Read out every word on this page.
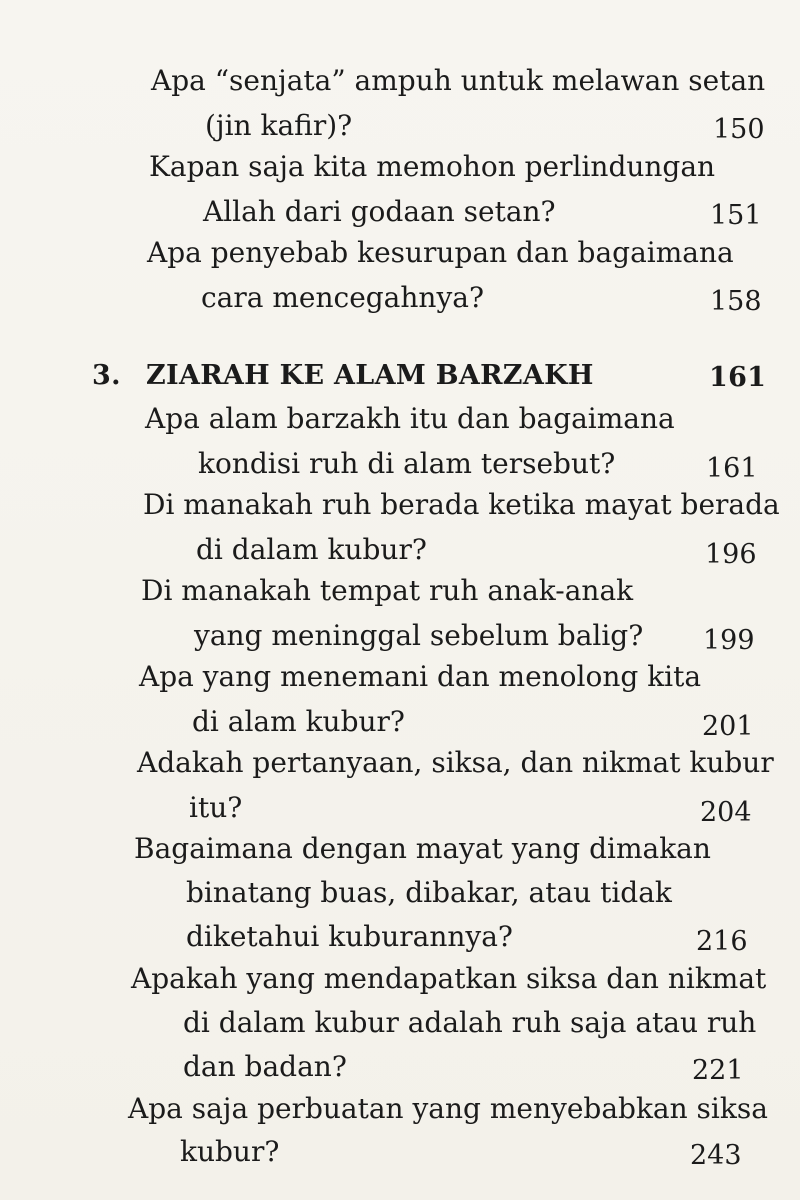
Apa “senjata” ampuh untuk melawan setan
(jin kafir)?	150
Kapan saja kita memohon perlindungan
Allah dari godaan setan?	151
Apa penyebab kesurupan dan bagaimana
cara mencegahnya?	158
3. ZIARAH KE ALAM BARZAKH	161
Apa alam barzakh itu dan bagaimana
kondisi ruh di alam tersebut?	161
Di manakah ruh berada ketika mayat berada
di dalam kubur?	196
Di manakah tempat ruh anak-anak
yang meninggal sebelum balig? 199
Apa yang menemani dan menolong kita
di alam kubur?	201
Adakah pertanyaan, siksa, dan nikmat kubur
itu?	204
Bagaimana dengan mayat yang dimakan
binatang buas, dibakar, atau tidak
diketahui kuburannya?	216
Apakah yang mendapatkan siksa dan nikmat
di dalam kubur adalah ruh saja atau ruh
dan badan?	221
Apa saja perbuatan yang menyebabkan siksa
kubur?	243
